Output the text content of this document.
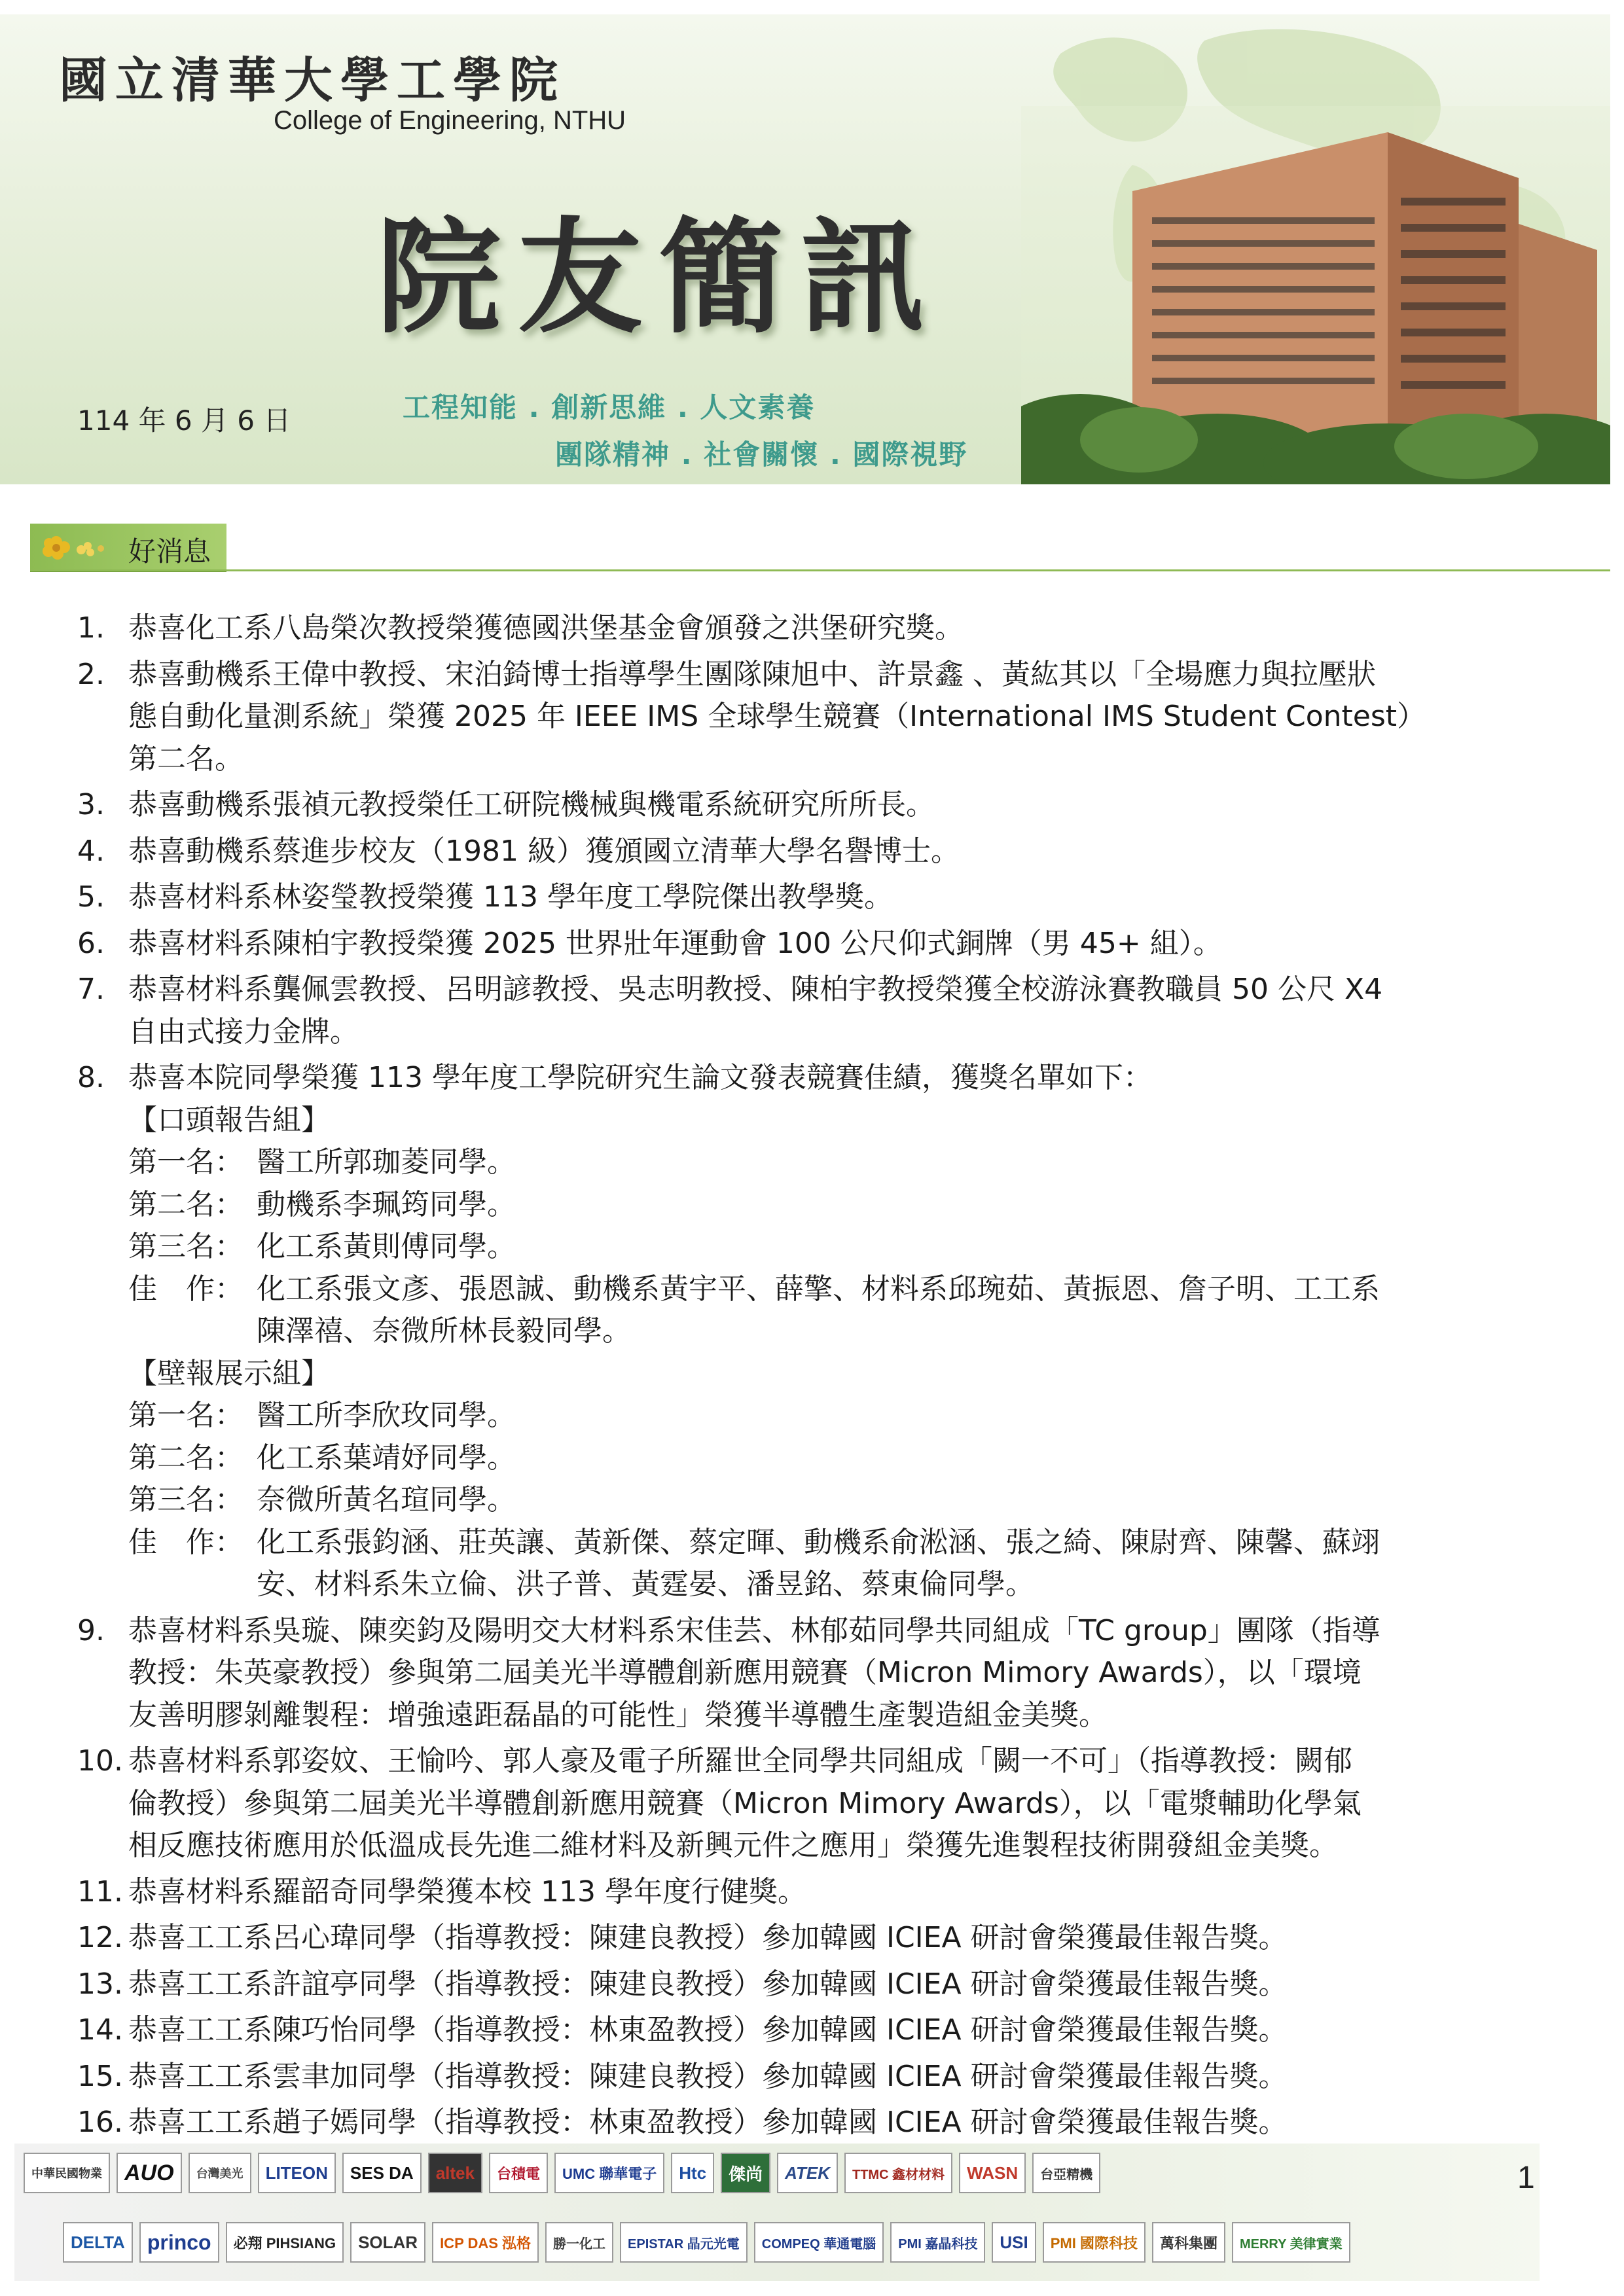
國立清華大學工學院
College of Engineering, NTHU
院友簡訊
114 年 6 月 6 日	工程知能 . 創新思維 . 人文素養
團隊精神 . 社會關懷 . 國際視野
好消息
1. 恭喜化工系八島榮次教授榮獲德國洪堡基金會頒發之洪堡研究獎。
2. 恭喜動機系王偉中教授、宋泊錡博士指導學生團隊陳旭中、許景鑫 、黃紘其以「全場應力與拉壓狀
態自動化量測系統」榮獲 2025 年 IEEE IMS 全球學生競賽（International IMS Student Contest）
第二名。
3. 恭喜動機系張禎元教授榮任工研院機械與機電系統研究所所長。
4. 恭喜動機系蔡進步校友（1981 級）獲頒國立清華大學名譽博士。
5. 恭喜材料系林姿瑩教授榮獲 113 學年度工學院傑出教學獎。
6. 恭喜材料系陳柏宇教授榮獲 2025 世界壯年運動會 100 公尺仰式銅牌（男 45+ 組）。
7. 恭喜材料系龔佩雲教授、呂明諺教授、吳志明教授、陳柏宇教授榮獲全校游泳賽教職員 50 公尺 X4
自由式接力金牌。
8. 恭喜本院同學榮獲 113 學年度工學院研究生論文發表競賽佳績，獲獎名單如下：
【口頭報告組】
第一名： 醫工所郭珈菱同學。
第二名： 動機系李珮筠同學。
第三名： 化工系黃則傅同學。
佳　作： 化工系張文彥、張恩誠、動機系黃宇平、薛擎、材料系邱琬茹、黃振恩、詹子明、工工系
陳澤禧、奈微所林長毅同學。
【壁報展示組】
第一名： 醫工所李欣玫同學。
第二名： 化工系葉靖妤同學。
第三名： 奈微所黃名瑄同學。
佳　作： 化工系張鈞涵、莊英讓、黃新傑、蔡定暉、動機系俞淞涵、張之綺、陳尉齊、陳馨、蘇翊
安、材料系朱立倫、洪子普、黃霆晏、潘昱銘、蔡東倫同學。
9. 恭喜材料系吳璇、陳奕鈞及陽明交大材料系宋佳芸、林郁茹同學共同組成「TC group」團隊（指導
教授：朱英豪教授）參與第二屆美光半導體創新應用競賽（Micron Mimory Awards），以「環境
友善明膠剝離製程：增強遠距磊晶的可能性」榮獲半導體生產製造組金美獎。
10. 恭喜材料系郭姿妏、王愉吟、郭人豪及電子所羅世全同學共同組成「闕一不可」（指導教授：闕郁
倫教授）參與第二屆美光半導體創新應用競賽（Micron Mimory Awards），以「電漿輔助化學氣
相反應技術應用於低溫成長先進二維材料及新興元件之應用」榮獲先進製程技術開發組金美獎。
11. 恭喜材料系羅韶奇同學榮獲本校 113 學年度行健獎。
12. 恭喜工工系呂心瑋同學（指導教授：陳建良教授）參加韓國 ICIEA 研討會榮獲最佳報告獎。
13. 恭喜工工系許誼亭同學（指導教授：陳建良教授）參加韓國 ICIEA 研討會榮獲最佳報告獎。
14. 恭喜工工系陳巧怡同學（指導教授：林東盈教授）參加韓國 ICIEA 研討會榮獲最佳報告獎。
15. 恭喜工工系雲聿加同學（指導教授：陳建良教授）參加韓國 ICIEA 研討會榮獲最佳報告獎。
16. 恭喜工工系趙子嫣同學（指導教授：林東盈教授）參加韓國 ICIEA 研討會榮獲最佳報告獎。
中華民國物業	AUO	台灣美光	LITEON	SES DA	altek	台積電	UMC 聯華電子	Htc	傑尚	ATEK	TTMC 鑫材材料	WASN	台亞精機
DELTA	princo	必翔 PIHSIANG	SOLAR	ICP DAS 泓格	勝一化工	EPISTAR 晶元光電	COMPEQ 華通電腦	PMI 嘉晶科技	USI	PMI 國際科技	萬科集團	MERRY 美律實業
1
